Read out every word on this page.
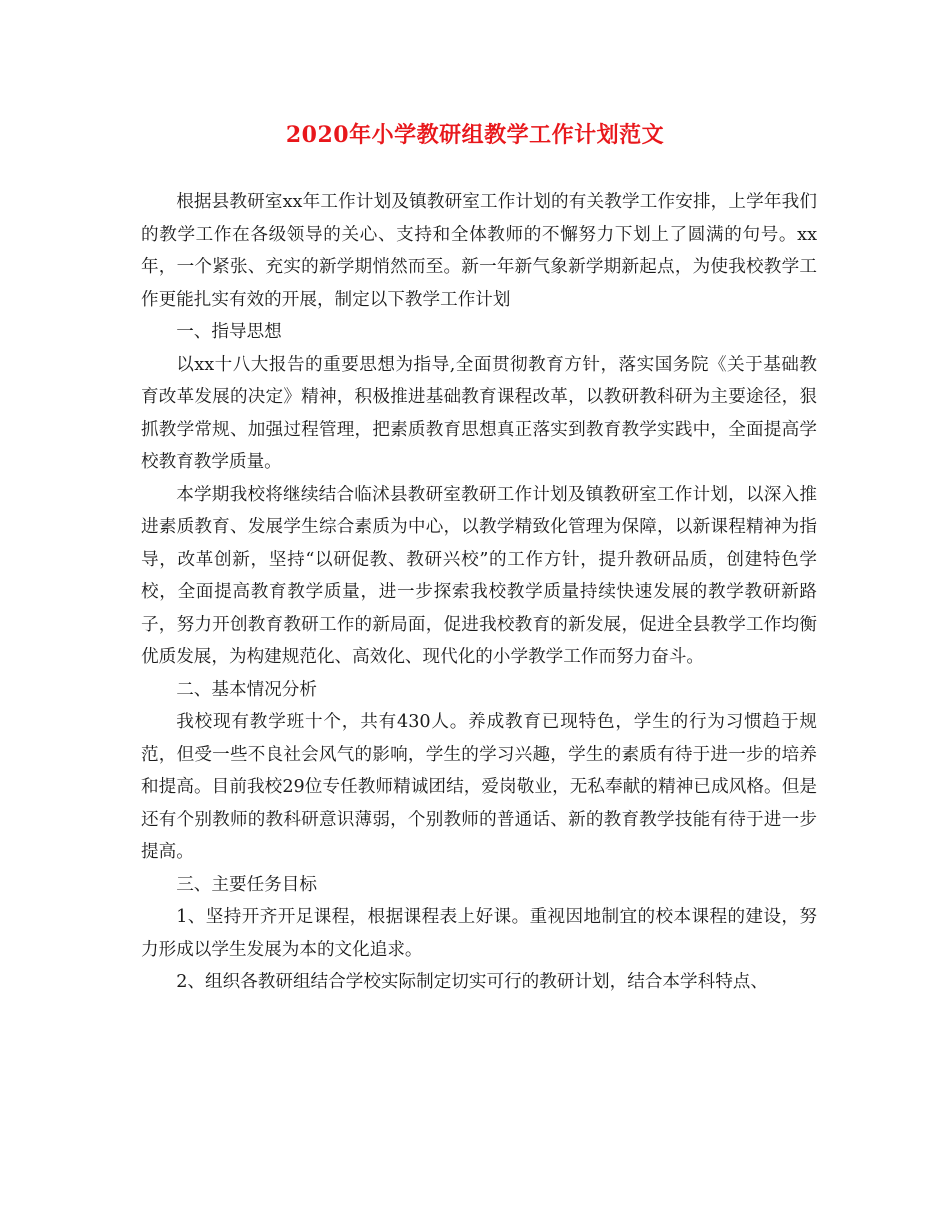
2020年小学教研组教学工作计划范文

根据县教研室xx年工作计划及镇教研室工作计划的有关教学工作安排，上学年我们的教学工作在各级领导的关心、支持和全体教师的不懈努力下划上了圆满的句号。xx年，一个紧张、充实的新学期悄然而至。新一年新气象新学期新起点，为使我校教学工作更能扎实有效的开展，制定以下教学工作计划

一、指导思想

以xx十八大报告的重要思想为指导,全面贯彻教育方针，落实国务院《关于基础教育改革发展的决定》精神，积极推进基础教育课程改革，以教研教科研为主要途径，狠抓教学常规、加强过程管理，把素质教育思想真正落实到教育教学实践中，全面提高学校教育教学质量。

本学期我校将继续结合临沭县教研室教研工作计划及镇教研室工作计划，以深入推进素质教育、发展学生综合素质为中心，以教学精致化管理为保障，以新课程精神为指导，改革创新，坚持“以研促教、教研兴校”的工作方针，提升教研品质，创建特色学校，全面提高教育教学质量，进一步探索我校教学质量持续快速发展的教学教研新路子，努力开创教育教研工作的新局面，促进我校教育的新发展，促进全县教学工作均衡优质发展，为构建规范化、高效化、现代化的小学教学工作而努力奋斗。

二、基本情况分析

我校现有教学班十个，共有430人。养成教育已现特色，学生的行为习惯趋于规范，但受一些不良社会风气的影响，学生的学习兴趣，学生的素质有待于进一步的培养和提高。目前我校29位专任教师精诚团结，爱岗敬业，无私奉献的精神已成风格。但是还有个别教师的教科研意识薄弱，个别教师的普通话、新的教育教学技能有待于进一步提高。

三、主要任务目标

1、坚持开齐开足课程，根据课程表上好课。重视因地制宜的校本课程的建设，努力形成以学生发展为本的文化追求。

2、组织各教研组结合学校实际制定切实可行的教研计划，结合本学科特点、
